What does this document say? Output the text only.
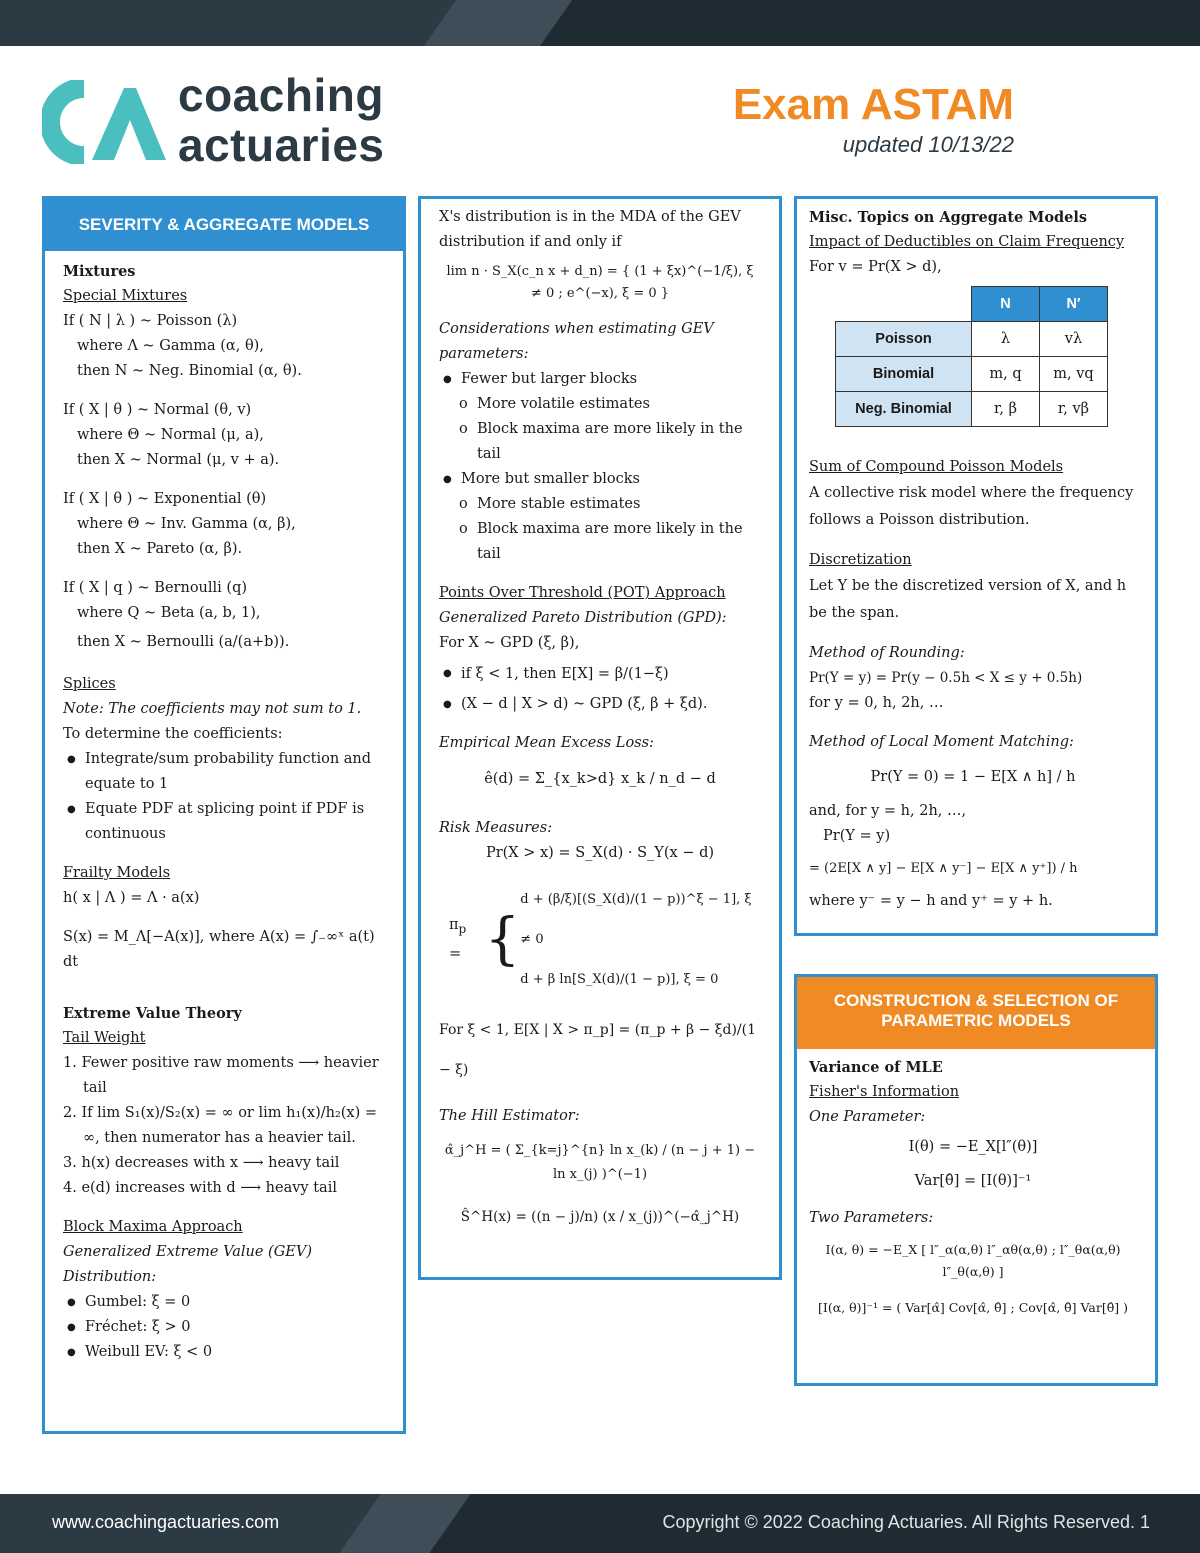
coaching
actuaries
Exam ASTAM
updated 10/13/22
SEVERITY & AGGREGATE MODELS
Mixtures
Special Mixtures
If ( N | λ ) ~ Poisson (λ)
where Λ ~ Gamma (α, θ),
then N ~ Neg. Binomial (α, θ).
If ( X | θ ) ~ Normal (θ, v)
where Θ ~ Normal (μ, a),
then X ~ Normal (μ, v + a).
If ( X | θ ) ~ Exponential (θ)
where Θ ~ Inv. Gamma (α, β),
then X ~ Pareto (α, β).
If ( X | q ) ~ Bernoulli (q)
where Q ~ Beta (a, b, 1),
then X ~ Bernoulli (a/(a+b)).
Splices
Note: The coefficients may not sum to 1.
To determine the coefficients:
● Integrate/sum probability function and equate to 1
● Equate PDF at splicing point if PDF is continuous
Frailty Models
h( x | Λ ) = Λ · a(x)
S(x) = M_Λ[−A(x)], where A(x) = ∫₋∞ˣ a(t) dt
Extreme Value Theory
Tail Weight
1. Fewer positive raw moments ⟶ heavier tail
2. If lim S₁(x)/S₂(x) = ∞ or lim h₁(x)/h₂(x) = ∞, then numerator has a heavier tail.
3. h(x) decreases with x ⟶ heavy tail
4. e(d) increases with d ⟶ heavy tail
Block Maxima Approach
Generalized Extreme Value (GEV) Distribution:
● Gumbel: ξ = 0
● Fréchet: ξ > 0
● Weibull EV: ξ < 0
X's distribution is in the MDA of the GEV distribution if and only if
lim n · S_X(c_n x + d_n) = { (1 + ξx)^(−1/ξ), ξ ≠ 0 ; e^(−x), ξ = 0 }
Considerations when estimating GEV parameters:
● Fewer but larger blocks
o More volatile estimates
o Block maxima are more likely in the tail
● More but smaller blocks
o More stable estimates
o Block maxima are more likely in the tail
Points Over Threshold (POT) Approach
Generalized Pareto Distribution (GPD):
For X ~ GPD (ξ, β),
● if ξ < 1, then E[X] = β/(1−ξ)
● (X − d | X > d) ~ GPD (ξ, β + ξd).
Empirical Mean Excess Loss:
ê(d) = Σ_{x_k>d} x_k / n_d − d
Risk Measures:
Pr(X > x) = S_X(d) · S_Y(x − d)
$\pi_p$ = {
d + (β/ξ)[(S_X(d)/(1 − p))^ξ − 1], ξ ≠ 0
d + β ln[S_X(d)/(1 − p)], ξ = 0
For ξ < 1, E[X | X > π_p] = (π_p + β − ξd)/(1 − ξ)
The Hill Estimator:
α̂_j^H = ( Σ_{k=j}^{n} ln x_(k) / (n − j + 1) − ln x_(j) )^(−1)
Ŝ^H(x) = ((n − j)/n) (x / x_(j))^(−α̂_j^H)
Misc. Topics on Aggregate Models
Impact of Deductibles on Claim Frequency
For v = Pr(X > d),
	N	N′
Poisson	λ	vλ
Binomial	m, q	m, vq
Neg. Binomial	r, β	r, vβ
Sum of Compound Poisson Models
A collective risk model where the frequency follows a Poisson distribution.
Discretization
Let Y be the discretized version of X, and h be the span.
Method of Rounding:
Pr(Y = y) = Pr(y − 0.5h < X ≤ y + 0.5h)
for y = 0, h, 2h, …
Method of Local Moment Matching:
Pr(Y = 0) = 1 − E[X ∧ h] / h
and, for y = h, 2h, …,
Pr(Y = y)
= (2E[X ∧ y] − E[X ∧ y⁻] − E[X ∧ y⁺]) / h
where y⁻ = y − h and y⁺ = y + h.
CONSTRUCTION & SELECTION OF PARAMETRIC MODELS
Variance of MLE
Fisher's Information
One Parameter:
I(θ) = −E_X[l″(θ)]
Var[θ̂] = [I(θ)]⁻¹
Two Parameters:
I(α, θ) = −E_X [ l″_α(α,θ) l″_αθ(α,θ) ; l″_θα(α,θ) l″_θ(α,θ) ]
[I(α, θ)]⁻¹ = ( Var[α̂] Cov[α̂, θ̂] ; Cov[α̂, θ̂] Var[θ̂] )
www.coachingactuaries.com	Copyright © 2022 Coaching Actuaries. All Rights Reserved. 1
